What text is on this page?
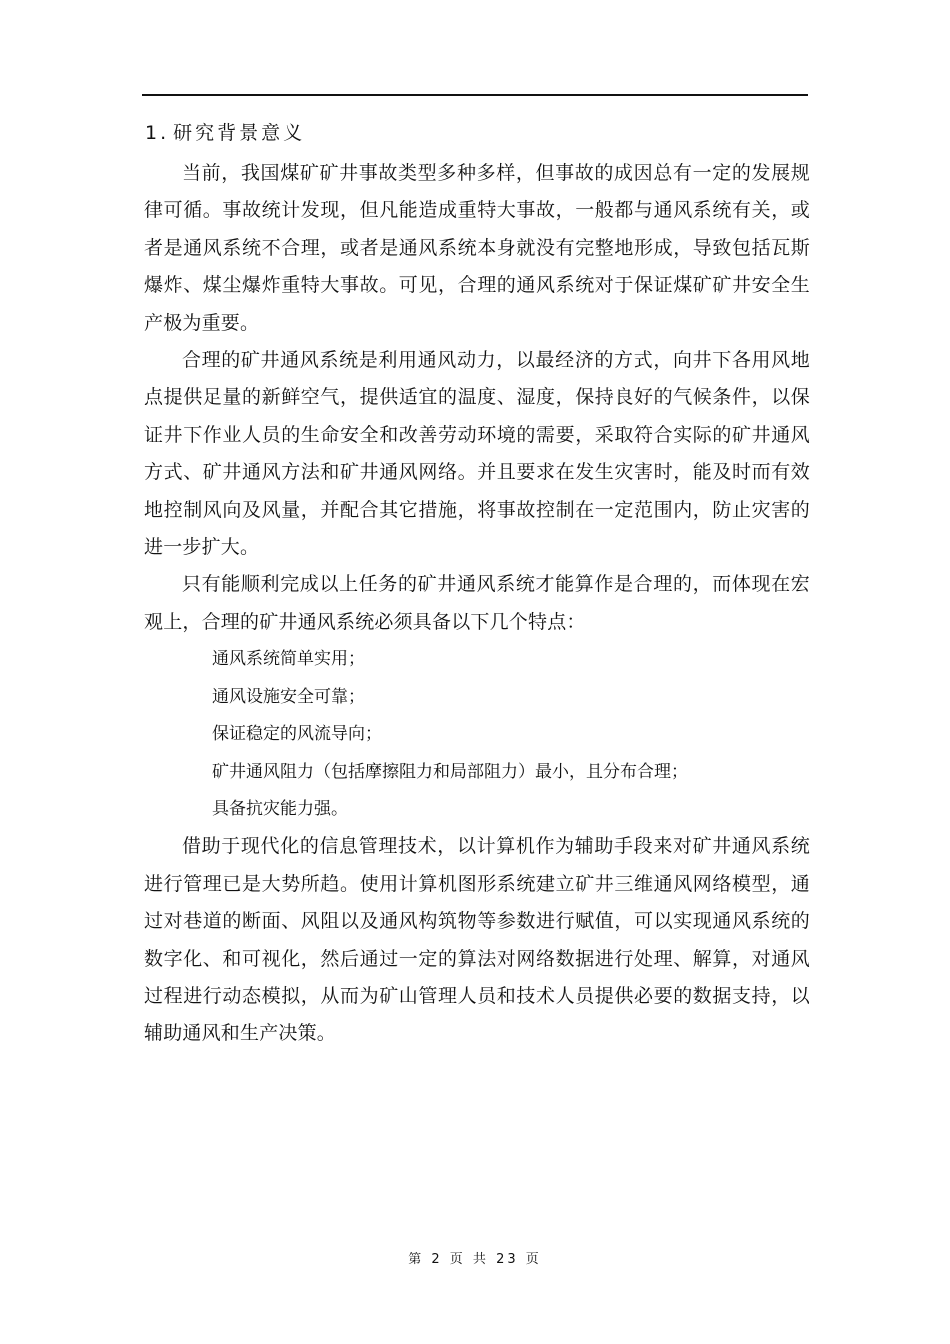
1. 研究背景意义

当前，我国煤矿矿井事故类型多种多样，但事故的成因总有一定的发展规律可循。事故统计发现，但凡能造成重特大事故，一般都与通风系统有关，或者是通风系统不合理，或者是通风系统本身就没有完整地形成，导致包括瓦斯爆炸、煤尘爆炸重特大事故。可见，合理的通风系统对于保证煤矿矿井安全生产极为重要。

合理的矿井通风系统是利用通风动力，以最经济的方式，向井下各用风地点提供足量的新鲜空气，提供适宜的温度、湿度，保持良好的气候条件，以保证井下作业人员的生命安全和改善劳动环境的需要，采取符合实际的矿井通风方式、矿井通风方法和矿井通风网络。并且要求在发生灾害时，能及时而有效地控制风向及风量，并配合其它措施，将事故控制在一定范围内，防止灾害的进一步扩大。

只有能顺利完成以上任务的矿井通风系统才能算作是合理的，而体现在宏观上，合理的矿井通风系统必须具备以下几个特点：

通风系统简单实用；

通风设施安全可靠；

保证稳定的风流导向；

矿井通风阻力（包括摩擦阻力和局部阻力）最小，且分布合理；

具备抗灾能力强。

借助于现代化的信息管理技术，以计算机作为辅助手段来对矿井通风系统进行管理已是大势所趋。使用计算机图形系统建立矿井三维通风网络模型，通过对巷道的断面、风阻以及通风构筑物等参数进行赋值，可以实现通风系统的数字化、和可视化，然后通过一定的算法对网络数据进行处理、解算，对通风过程进行动态模拟，从而为矿山管理人员和技术人员提供必要的数据支持，以辅助通风和生产决策。

第 2 页 共 23 页
